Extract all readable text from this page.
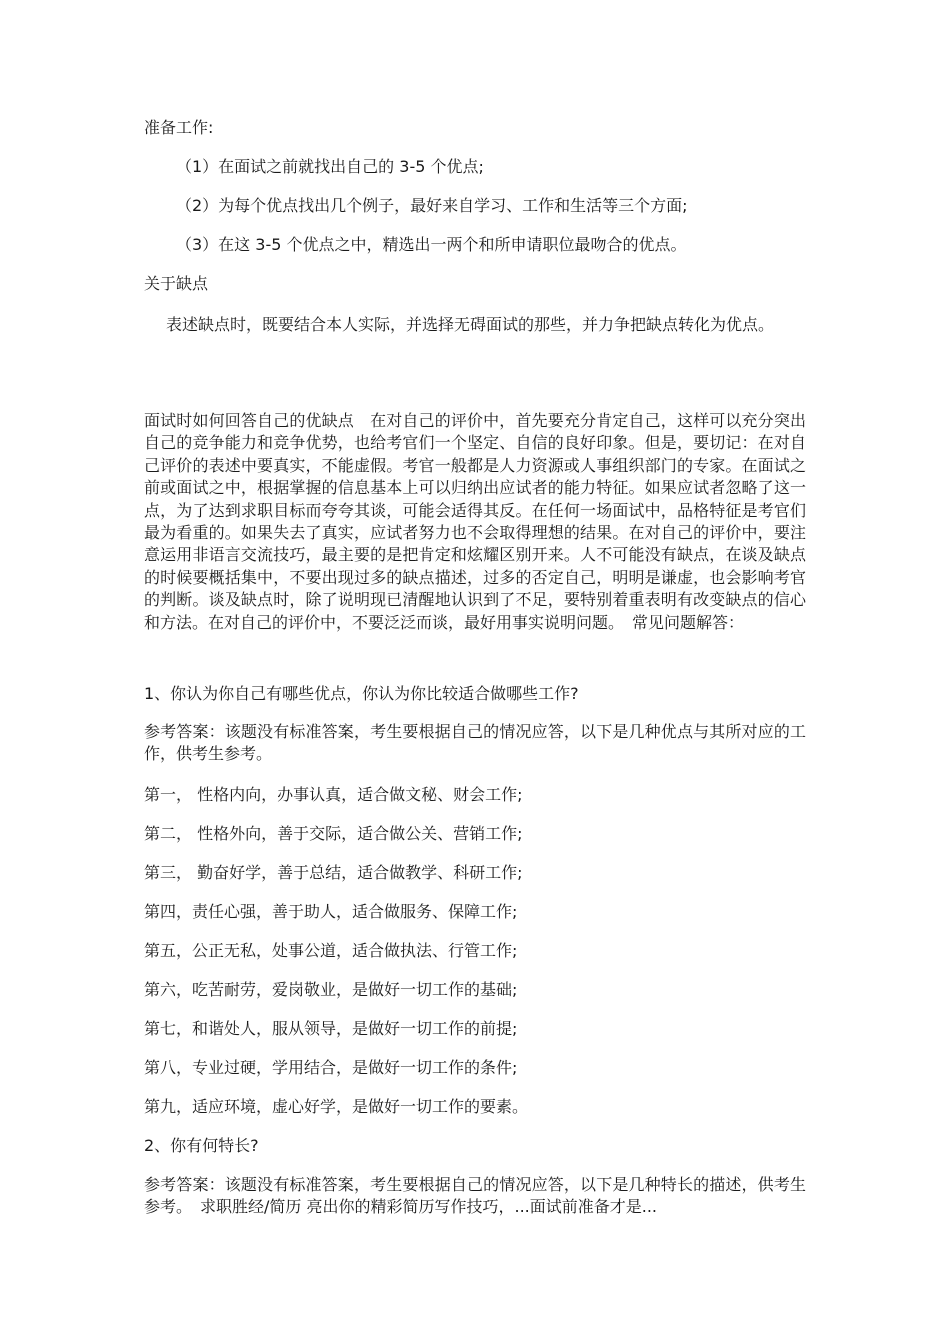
准备工作:

（1）在面试之前就找出自己的 3-5 个优点;

（2）为每个优点找出几个例子，最好来自学习、工作和生活等三个方面;

（3）在这 3-5 个优点之中，精选出一两个和所申请职位最吻合的优点。

关于缺点

表述缺点时，既要结合本人实际，并选择无碍面试的那些，并力争把缺点转化为优点。

面试时如何回答自己的优缺点　在对自己的评价中，首先要充分肯定自己，这样可以充分突出自己的竞争能力和竞争优势，也给考官们一个坚定、自信的良好印象。但是，要切记：在对自己评价的表述中要真实，不能虚假。考官一般都是人力资源或人事组织部门的专家。在面试之前或面试之中，根据掌握的信息基本上可以归纳出应试者的能力特征。如果应试者忽略了这一点，为了达到求职目标而夸夸其谈，可能会适得其反。在任何一场面试中，品格特征是考官们最为看重的。如果失去了真实，应试者努力也不会取得理想的结果。在对自己的评价中，要注意运用非语言交流技巧，最主要的是把肯定和炫耀区别开来。人不可能没有缺点，在谈及缺点的时候要概括集中，不要出现过多的缺点描述，过多的否定自己，明明是谦虚，也会影响考官的判断。谈及缺点时，除了说明现已清醒地认识到了不足，要特别着重表明有改变缺点的信心和方法。在对自己的评价中，不要泛泛而谈，最好用事实说明问题。　常见问题解答：

1、你认为你自己有哪些优点，你认为你比较适合做哪些工作?

参考答案：该题没有标准答案，考生要根据自己的情况应答，以下是几种优点与其所对应的工作，供考生参考。

第一， 性格内向，办事认真，适合做文秘、财会工作;

第二， 性格外向，善于交际，适合做公关、营销工作;

第三， 勤奋好学，善于总结，适合做教学、科研工作;

第四，责任心强，善于助人，适合做服务、保障工作;

第五，公正无私，处事公道，适合做执法、行管工作;

第六，吃苦耐劳，爱岗敬业，是做好一切工作的基础;

第七，和谐处人，服从领导，是做好一切工作的前提;

第八，专业过硬，学用结合，是做好一切工作的条件;

第九，适应环境，虚心好学，是做好一切工作的要素。

2、你有何特长?

参考答案：该题没有标准答案，考生要根据自己的情况应答，以下是几种特长的描述，供考生参考。　求职胜经/简历 亮出你的精彩简历写作技巧，...面试前准备才是...
